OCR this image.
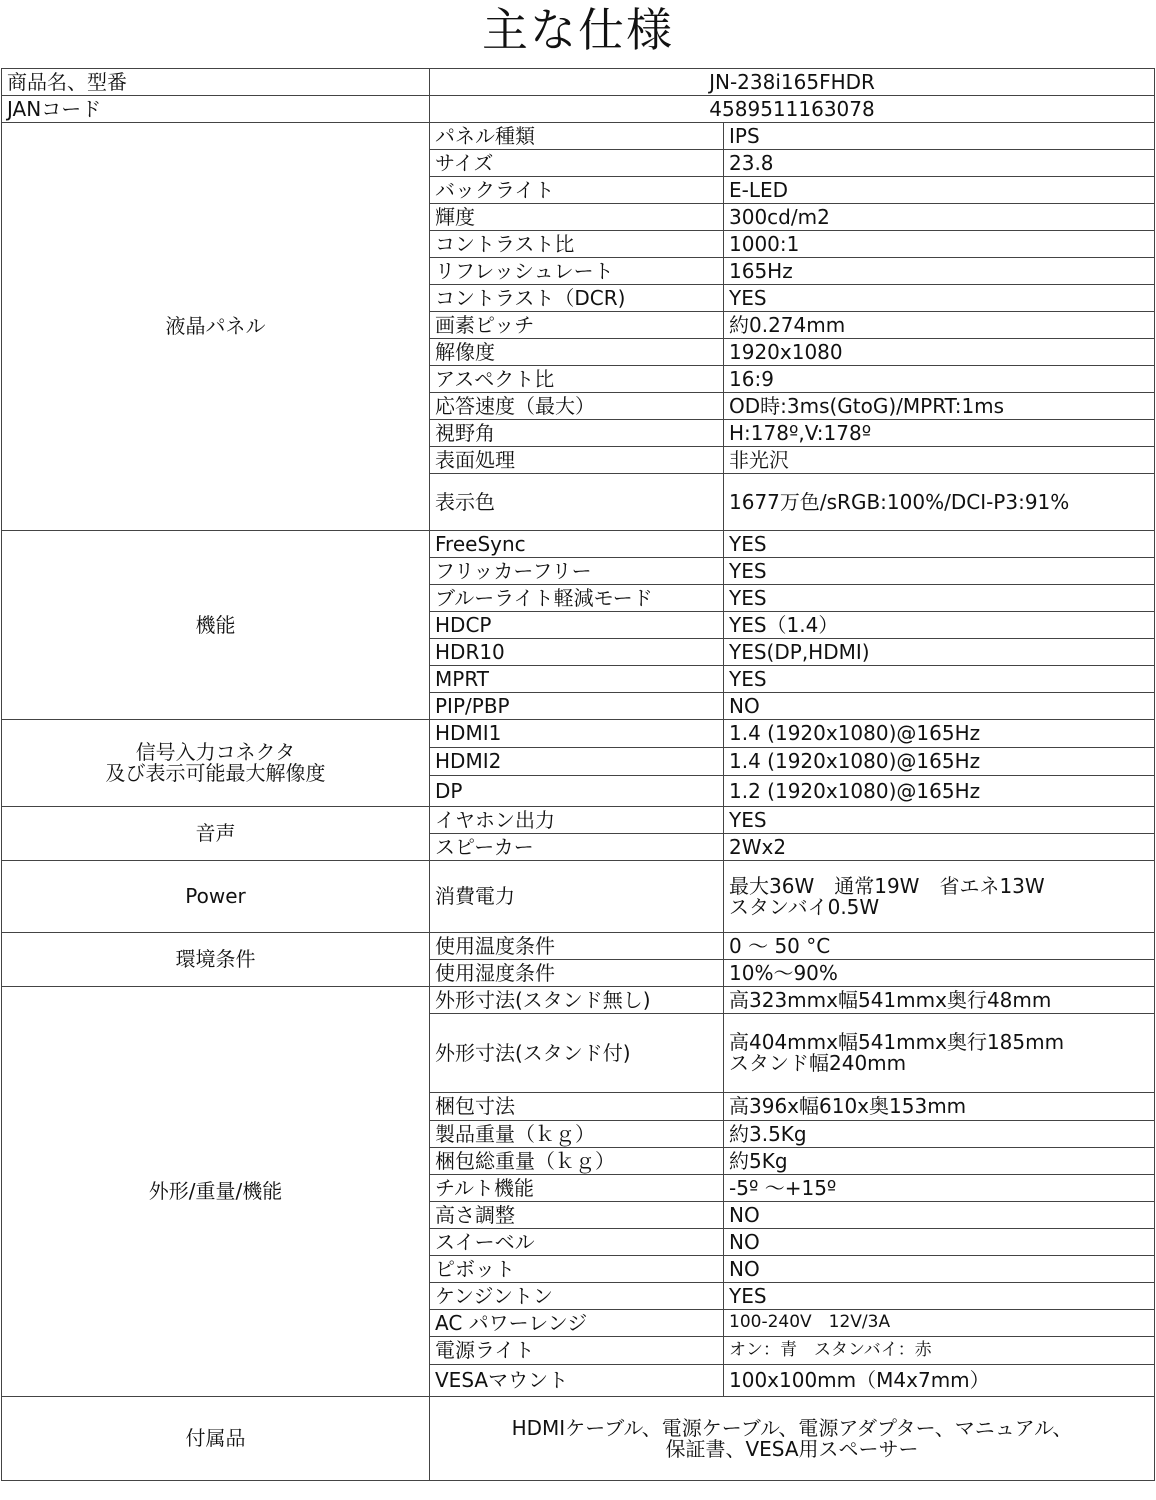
主な仕様
商品名、型番	JN-238i165FHDR	
JANコード	4589511163078	

液晶パネル	パネル種類	IPS

	サイズ	23.8

	バックライト	E-LED

	輝度	300cd/m2

	コントラスト比	1000:1

	リフレッシュレート	165Hz

	コントラスト（DCR)	YES

	画素ピッチ	約0.274mm

	解像度	1920x1080

	アスペクト比	16:9

	応答速度（最大）	OD時:3ms(GtoG)/MPRT:1ms

	視野角	H:178º,V:178º

	表面処理	非光沢

	表示色	1677万色/sRGB:100%/DCI-P3:91%

機能	FreeSync	YES

	フリッカーフリー	YES

	ブルーライト軽減モード	YES

	HDCP	YES（1.4）

	HDR10	YES(DP,HDMI)

	MPRT	YES

	PIP/PBP	NO

信号入力コネクタ
及び表示可能最大解像度	HDMI1	1.4 (1920x1080)@165Hz

	HDMI2	1.4 (1920x1080)@165Hz

	DP	1.2 (1920x1080)@165Hz

音声	イヤホン出力	YES

	スピーカー	2Wx2

Power	消費電力	最大36W　通常19W　省エネ13W
スタンバイ0.5W

環境条件	使用温度条件	0 ～ 50 °C

	使用湿度条件	10%～90%

外形/重量/機能	外形寸法(スタンド無し)	高323mmx幅541mmx奥行48mm

	外形寸法(スタンド付)	高404mmx幅541mmx奥行185mm
スタンド幅240mm

	梱包寸法	高396x幅610x奥153mm

	製品重量（ｋｇ）	約3.5Kg

	梱包総重量（ｋｇ）	約5Kg

	チルト機能	-5º ～+15º

	高さ調整	NO

	スイーベル	NO

	ピボット	NO

	ケンジントン	YES

	AC パワーレンジ	100-240V　12V/3A

	電源ライト	オン：青　スタンバイ：赤

	VESAマウント	100x100mm（M4x7mm）

付属品	HDMIケーブル、電源ケーブル、電源アダプター、マニュアル、
保証書、VESA用スペーサー	
